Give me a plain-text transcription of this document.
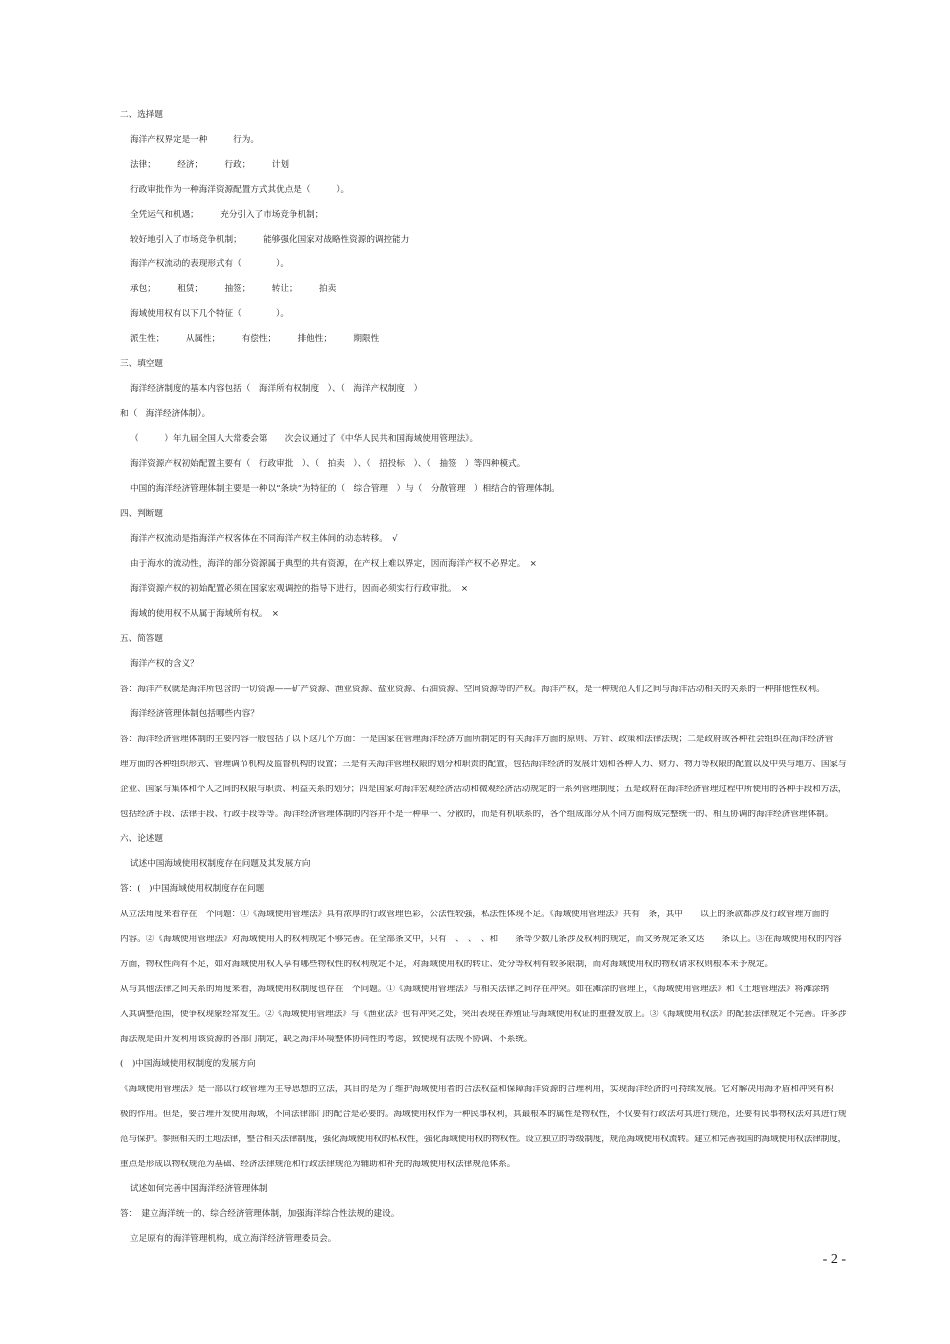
二、选择题
海洋产权界定是一种　　　行为。
法律；　　　经济；　　　行政；　　　计划
行政审批作为一种海洋资源配置方式其优点是（　　　）。
全凭运气和机遇；　　　充分引入了市场竞争机制；
较好地引入了市场竞争机制；　　　能够强化国家对战略性资源的调控能力
海洋产权流动的表现形式有（　　　　）。
承包；　　　租赁；　　　抽签；　　　转让；　　　拍卖
海域使用权有以下几个特征（　　　　）。
派生性；　　　从属性；　　　有偿性；　　　排他性；　　　期限性
三、填空题
海洋经济制度的基本内容包括（　海洋所有权制度　）、（　海洋产权制度　）
和（　海洋经济体制）。
（　　　）年九届全国人大常委会第　　次会议通过了《中华人民共和国海域使用管理法》。
海洋资源产权初始配置主要有（　行政审批　）、（　拍卖　）、（　招投标　）、（　抽签　）等四种模式。
中国的海洋经济管理体制主要是一种以“条块”为特征的（　综合管理　）与（　分散管理　）相结合的管理体制。
四、判断题
海洋产权流动是指海洋产权客体在不同海洋产权主体间的动态转移。　√
由于海水的流动性，海洋的部分资源属于典型的共有资源，在产权上难以界定，因而海洋产权不必界定。　×
海洋资源产权的初始配置必须在国家宏观调控的指导下进行，因而必须实行行政审批。　×
海域的使用权不从属于海域所有权。　×
五、简答题
海洋产权的含义？
答：海洋产权就是海洋所包含的一切资源——矿产资源、渔业资源、盐业资源、石油资源、空间资源等的产权。海洋产权，是一种规范人们之间与海洋活动相关的关系的一种排他性权利。
海洋经济管理体制包括哪些内容？
答：海洋经济管理体制的主要内容一般包括了以下这几个方面：一是国家在管理海洋经济方面所制定的有关海洋方面的原则、方针、政策和法律法规；二是政府或各种社会组织在海洋经济管
理方面的各种组织形式、管理调节机构及监督机构的设置；三是有关海洋管理权限的划分和职责的配置，包括海洋经济的发展计划和各种人力、财力、物力等权限的配置以及中央与地方、国家与
企业、国家与集体和个人之间的权限与职责、利益关系的划分；四是国家对海洋宏观经济活动和微观经济活动规定的一系列管理制度；五是政府在海洋经济管理过程中所使用的各种手段和方法，
包括经济手段、法律手段、行政手段等等。海洋经济管理体制的内容并不是一种单一、分散的，而是有机联系的，各个组成部分从不同方面构成完整统一的、相互协调的海洋经济管理体制。
六、论述题
试述中国海域使用权制度存在问题及其发展方向
答：(　)中国海域使用权制度存在问题
从立法角度来看存在　个问题：①《海域使用管理法》具有浓厚的行政管理色彩，公法性较强，私法性体现不足。《海域使用管理法》共有　条，其中　　以上的条款都涉及行政管理方面的
内容。②《海域使用管理法》对海域使用人的权利规定不够完善。在全部条文中，只有　、　、　、和　　条等少数几条涉及权利的规定，而文务规定条文达　　条以上。③在海域使用权的内容
方面，物权性尚有不足，如对海域使用权人享有哪些物权性的权利规定不足，对海域使用权的转让、处分等权利有较多限制，而对海域使用权的物权请求权则根本未予规定。
从与其他法律之间关系的角度来看，海域使用权制度也存在　个问题。①《海域使用管理法》与相关法律之间存在冲突。如在滩涂的管理上，《海域使用管理法》和《土地管理法》将滩涂纳
入其调整范围，使争权现象经常发生。②《海域使用管理法》与《渔业法》也有冲突之处，突出表现在养殖证与海域使用权证的重叠发放上。③《海域使用权法》的配套法律规定不完善。许多涉
海法规是由开发利用该资源的各部门制定，缺乏海洋环境整体协同性的考虑，致使现有法规不协调、不系统。
(　)中国海域使用权制度的发展方向
《海域使用管理法》是一部以行政管理为主导思想的立法，其目的是为了维护海域使用者的合法权益和保障海洋资源的合理利用，实现海洋经济的可持续发展。它对解决用海矛盾和冲突有积
极的作用。但是，要合理开发使用海域，不同法律部门的配合是必要的。海域使用权作为一种民事权利，其最根本的属性是物权性，不仅要有行政法对其进行规范，还要有民事物权法对其进行规
范与保护。参照相关的土地法律，整合相关法律制度，强化海域使用权的私权性，强化海域使用权的物权性。设立独立的等级制度，规范海域使用权流转。建立和完善我国的海域使用权法律制度，
重点是形成以物权规范为基础、经济法律规范和行政法律规范为辅助和补充的海域使用权法律规范体系。
试述如何完善中国海洋经济管理体制
答：　建立海洋统一的、综合经济管理体制，加强海洋综合性法规的建设。
立足原有的海洋管理机构，成立海洋经济管理委员会。
- 2 -
